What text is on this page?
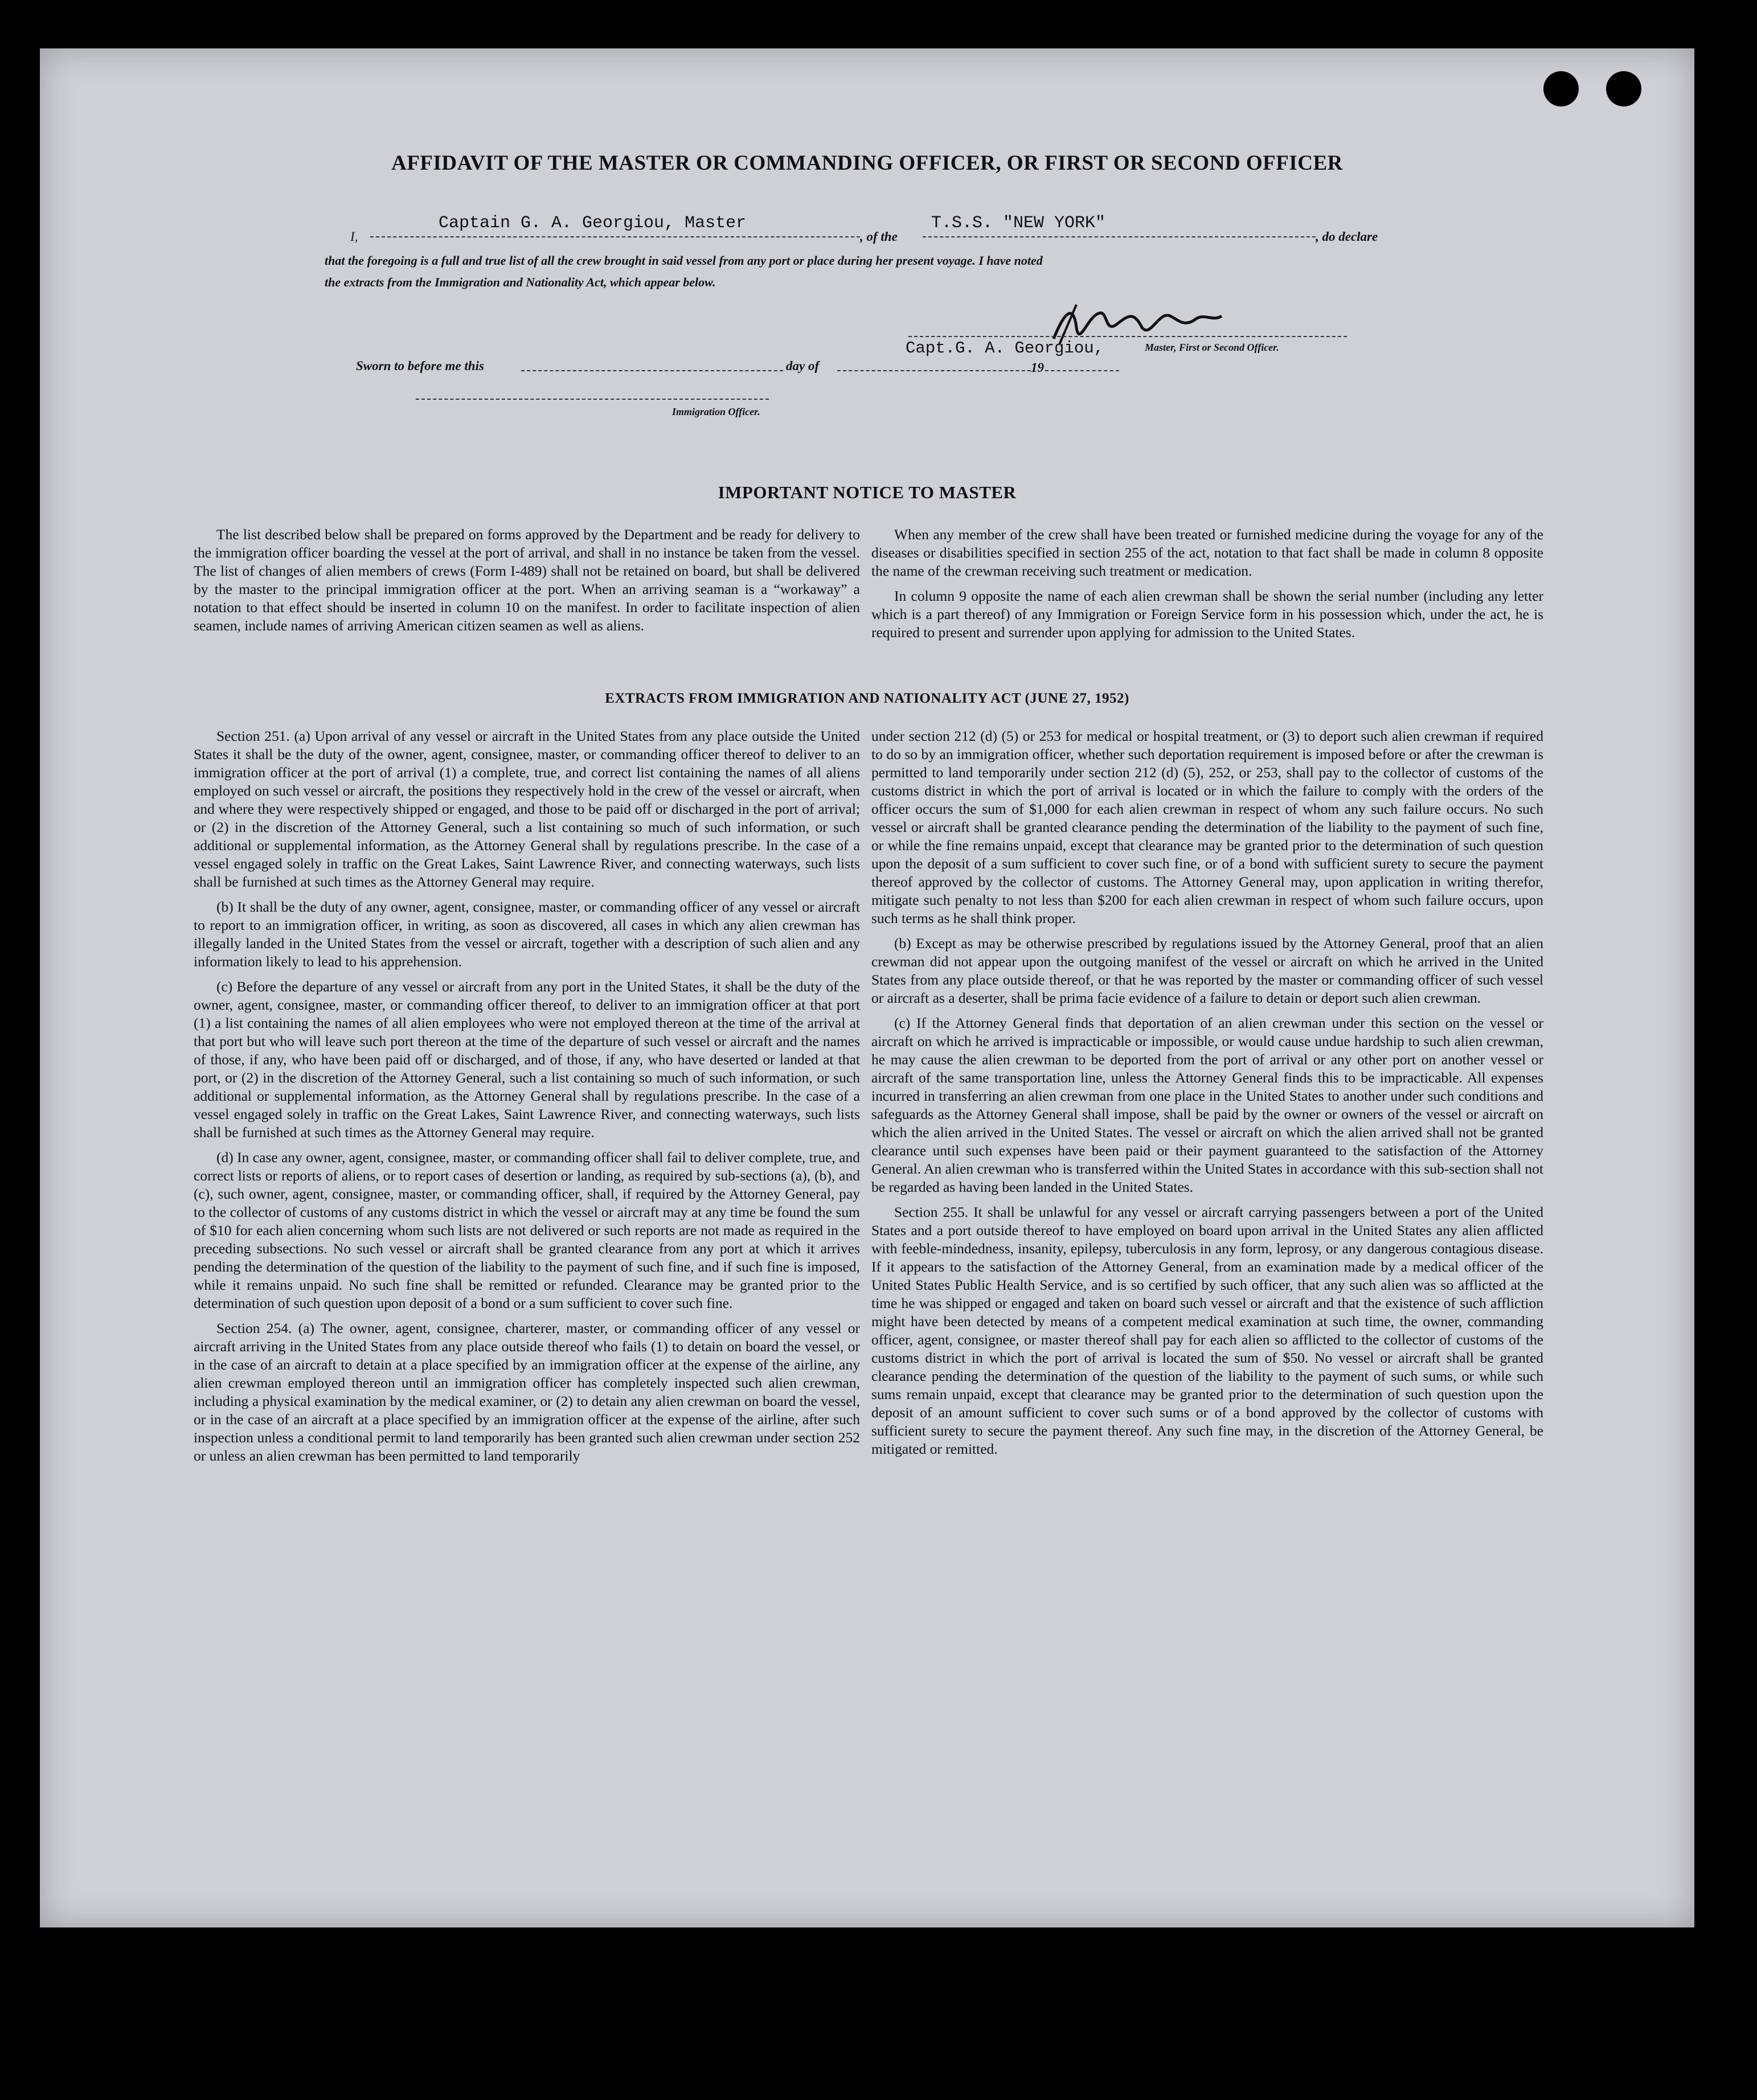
AFFIDAVIT OF THE MASTER OR COMMANDING OFFICER, OR FIRST OR SECOND OFFICER
I,
Captain G. A. Georgiou, Master
, of the
T.S.S. "NEW YORK"
, do declare
that the foregoing is a full and true list of all the crew brought in said vessel from any port or place during her present voyage. I have noted
the extracts from the Immigration and Nationality Act, which appear below.
Sworn to before me this	day of
Capt.G. A. Georgiou,
19
Master, First or Second Officer.
Immigration Officer.
IMPORTANT NOTICE TO MASTER

The list described below shall be prepared on forms approved by the Department and be ready for delivery to the immigration officer boarding the vessel at the port of arrival, and shall in no instance be taken from the vessel. The list of changes of alien members of crews (Form I-489) shall not be retained on board, but shall be delivered by the master to the principal immigration officer at the port. When an arriving seaman is a “workaway” a notation to that effect should be inserted in column 10 on the manifest. In order to facilitate inspection of alien seamen, include names of arriving American citizen seamen as well as aliens.

When any member of the crew shall have been treated or furnished medicine during the voyage for any of the diseases or disabilities specified in section 255 of the act, notation to that fact shall be made in column 8 opposite the name of the crewman receiving such treatment or medication.

In column 9 opposite the name of each alien crewman shall be shown the serial number (including any letter which is a part thereof) of any Immigration or Foreign Service form in his possession which, under the act, he is required to present and surrender upon applying for admission to the United States.

EXTRACTS FROM IMMIGRATION AND NATIONALITY ACT (JUNE 27, 1952)

Section 251. (a) Upon arrival of any vessel or aircraft in the United States from any place outside the United States it shall be the duty of the owner, agent, consignee, master, or commanding officer thereof to deliver to an immigration officer at the port of arrival (1) a complete, true, and correct list containing the names of all aliens employed on such vessel or aircraft, the positions they respectively hold in the crew of the vessel or aircraft, when and where they were respectively shipped or engaged, and those to be paid off or discharged in the port of arrival; or (2) in the discretion of the Attorney General, such a list containing so much of such information, or such additional or supplemental information, as the Attorney General shall by regulations prescribe. In the case of a vessel engaged solely in traffic on the Great Lakes, Saint Lawrence River, and connecting waterways, such lists shall be furnished at such times as the Attorney General may require.

(b) It shall be the duty of any owner, agent, consignee, master, or commanding officer of any vessel or aircraft to report to an immigration officer, in writing, as soon as discovered, all cases in which any alien crewman has illegally landed in the United States from the vessel or aircraft, together with a description of such alien and any information likely to lead to his apprehension.

(c) Before the departure of any vessel or aircraft from any port in the United States, it shall be the duty of the owner, agent, consignee, master, or commanding officer thereof, to deliver to an immigration officer at that port (1) a list containing the names of all alien employees who were not employed thereon at the time of the arrival at that port but who will leave such port thereon at the time of the departure of such vessel or aircraft and the names of those, if any, who have been paid off or discharged, and of those, if any, who have deserted or landed at that port, or (2) in the discretion of the Attorney General, such a list containing so much of such information, or such additional or supplemental information, as the Attorney General shall by regulations prescribe. In the case of a vessel engaged solely in traffic on the Great Lakes, Saint Lawrence River, and connecting waterways, such lists shall be furnished at such times as the Attorney General may require.

(d) In case any owner, agent, consignee, master, or commanding officer shall fail to deliver complete, true, and correct lists or reports of aliens, or to report cases of desertion or landing, as required by sub-sections (a), (b), and (c), such owner, agent, consignee, master, or commanding officer, shall, if required by the Attorney General, pay to the collector of customs of any customs district in which the vessel or aircraft may at any time be found the sum of $10 for each alien concerning whom such lists are not delivered or such reports are not made as required in the preceding subsections. No such vessel or aircraft shall be granted clearance from any port at which it arrives pending the determination of the question of the liability to the payment of such fine, and if such fine is imposed, while it remains unpaid. No such fine shall be remitted or refunded. Clearance may be granted prior to the determination of such question upon deposit of a bond or a sum sufficient to cover such fine.

Section 254. (a) The owner, agent, consignee, charterer, master, or commanding officer of any vessel or aircraft arriving in the United States from any place outside thereof who fails (1) to detain on board the vessel, or in the case of an aircraft to detain at a place specified by an immigration officer at the expense of the airline, any alien crewman employed thereon until an immigration officer has completely inspected such alien crewman, including a physical examination by the medical examiner, or (2) to detain any alien crewman on board the vessel, or in the case of an aircraft at a place specified by an immigration officer at the expense of the airline, after such inspection unless a conditional permit to land temporarily has been granted such alien crewman under section 252 or unless an alien crewman has been permitted to land temporarily

under section 212 (d) (5) or 253 for medical or hospital treatment, or (3) to deport such alien crewman if required to do so by an immigration officer, whether such deportation requirement is imposed before or after the crewman is permitted to land temporarily under section 212 (d) (5), 252, or 253, shall pay to the collector of customs of the customs district in which the port of arrival is located or in which the failure to comply with the orders of the officer occurs the sum of $1,000 for each alien crewman in respect of whom any such failure occurs. No such vessel or aircraft shall be granted clearance pending the determination of the liability to the payment of such fine, or while the fine remains unpaid, except that clearance may be granted prior to the determination of such question upon the deposit of a sum sufficient to cover such fine, or of a bond with sufficient surety to secure the payment thereof approved by the collector of customs. The Attorney General may, upon application in writing therefor, mitigate such penalty to not less than $200 for each alien crewman in respect of whom such failure occurs, upon such terms as he shall think proper.

(b) Except as may be otherwise prescribed by regulations issued by the Attorney General, proof that an alien crewman did not appear upon the outgoing manifest of the vessel or aircraft on which he arrived in the United States from any place outside thereof, or that he was reported by the master or commanding officer of such vessel or aircraft as a deserter, shall be prima facie evidence of a failure to detain or deport such alien crewman.

(c) If the Attorney General finds that deportation of an alien crewman under this section on the vessel or aircraft on which he arrived is impracticable or impossible, or would cause undue hardship to such alien crewman, he may cause the alien crewman to be deported from the port of arrival or any other port on another vessel or aircraft of the same transportation line, unless the Attorney General finds this to be impracticable. All expenses incurred in transferring an alien crewman from one place in the United States to another under such conditions and safeguards as the Attorney General shall impose, shall be paid by the owner or owners of the vessel or aircraft on which the alien arrived in the United States. The vessel or aircraft on which the alien arrived shall not be granted clearance until such expenses have been paid or their payment guaranteed to the satisfaction of the Attorney General. An alien crewman who is transferred within the United States in accordance with this sub-section shall not be regarded as having been landed in the United States.

Section 255. It shall be unlawful for any vessel or aircraft carrying passengers between a port of the United States and a port outside thereof to have employed on board upon arrival in the United States any alien afflicted with feeble-mindedness, insanity, epilepsy, tuberculosis in any form, leprosy, or any dangerous contagious disease. If it appears to the satisfaction of the Attorney General, from an examination made by a medical officer of the United States Public Health Service, and is so certified by such officer, that any such alien was so afflicted at the time he was shipped or engaged and taken on board such vessel or aircraft and that the existence of such affliction might have been detected by means of a competent medical examination at such time, the owner, commanding officer, agent, consignee, or master thereof shall pay for each alien so afflicted to the collector of customs of the customs district in which the port of arrival is located the sum of $50. No vessel or aircraft shall be granted clearance pending the determination of the question of the liability to the payment of such sums, or while such sums remain unpaid, except that clearance may be granted prior to the determination of such question upon the deposit of an amount sufficient to cover such sums or of a bond approved by the collector of customs with sufficient surety to secure the payment thereof. Any such fine may, in the discretion of the Attorney General, be mitigated or remitted.
